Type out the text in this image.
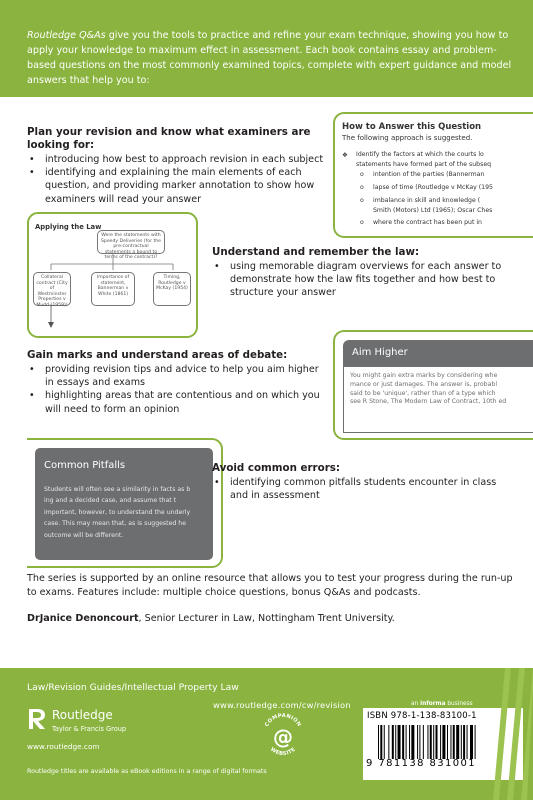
Routledge Q&As give you the tools to practice and refine your exam technique, showing you how to apply your knowledge to maximum effect in assessment. Each book contains essay and problem-based questions on the most commonly examined topics, complete with expert guidance and model answers that help you to:

Plan your revision and know what examiners are looking for:
• introducing how best to approach revision in each subject
• identifying and explaining the main elements of each question, and providing marker annotation to show how examiners will read your answer
How to Answer this Question
The following approach is suggested.
❖ Identify the factors at which the courts lo
statements have formed part of the subseq
o intention of the parties (Bannerman
o lapse of time (Routledge v McKay (195
o imbalance in skill and knowledge (
Smith (Motors) Ltd (1965); Oscar Ches
o where the contract has been put in
Applying the Law
Were the statements with Speedy Deliveries (for the pre-contractual statements a bound to terms of the contract)?
Collateral contract (City of Westminster Properties v Mudd (1959))
Importance of statement, Bannerman v White (1861)
Timing, Routledge v McKay (1954)
Understand and remember the law:
• using memorable diagram overviews for each answer to demonstrate how the law fits together and how best to structure your answer
Gain marks and understand areas of debate:
• providing revision tips and advice to help you aim higher in essays and exams
• highlighting areas that are contentious and on which you will need to form an opinion
Aim Higher
You might gain extra marks by considering whe
mance or just damages. The answer is, probabl
said to be 'unique', rather than of a type which
see R Stone, The Modern Law of Contract, 10th ed
Common Pitfalls
Students will often see a similarity in facts as b
ing and a decided case, and assume that t
important, however, to understand the underly
case. This may mean that, as is suggested he
outcome will be different.
Avoid common errors:
• identifying common pitfalls students encounter in class and in assessment

The series is supported by an online resource that allows you to test your progress during the run-up to exams. Features include: multiple choice questions, bonus Q&As and podcasts.

DrJanice Denoncourt, Senior Lecturer in Law, Nottingham Trent University.

Law/Revision Guides/Intellectual Property Law
www.routledge.com/cw/revision
Routledge
Taylor & Francis Group
www.routledge.com
Routledge titles are available as eBook editions in a range of digital formats
COMPANION
WEBSITE
@
an informa business
ISBN 978-1-138-83100-1
9 781138 831001
